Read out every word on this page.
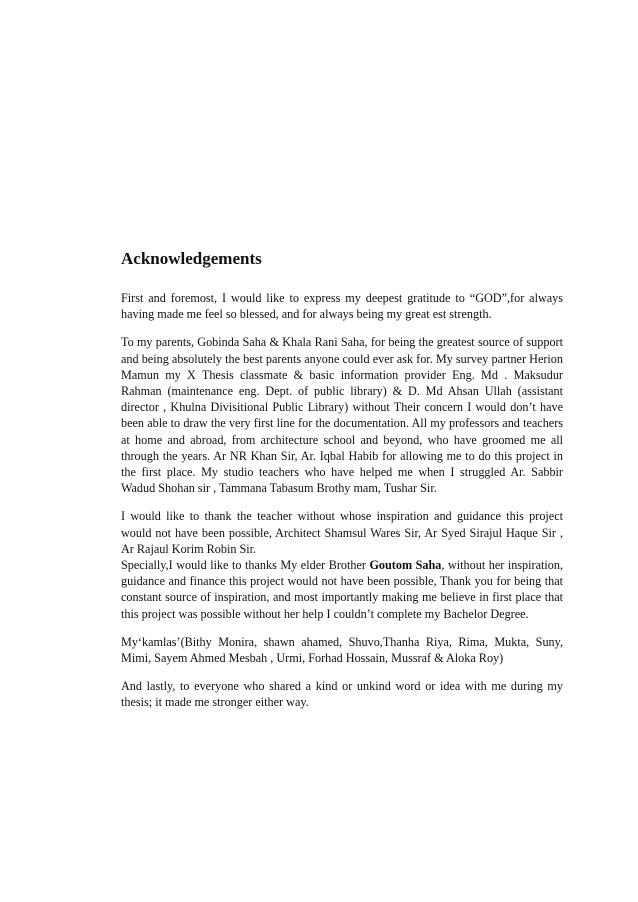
Acknowledgements

First and foremost, I would like to express my deepest gratitude to “GOD”,for always having made me feel so blessed, and for always being my great est strength.

To my parents, Gobinda Saha & Khala Rani Saha, for being the greatest source of support and being absolutely the best parents anyone could ever ask for. My survey partner Herion Mamun my X Thesis classmate & basic information provider Eng. Md . Maksudur Rahman (maintenance eng. Dept. of public library) & D. Md Ahsan Ullah (assistant director , Khulna Divisitional Public Library) without Their concern I would don’t have been able to draw the very first line for the documentation. All my professors and teachers at home and abroad, from architecture school and beyond, who have groomed me all through the years. Ar NR Khan Sir, Ar. Iqbal Habib for allowing me to do this project in the first place. My studio teachers who have helped me when I struggled Ar. Sabbir Wadud Shohan sir , Tammana Tabasum Brothy mam, Tushar Sir.

I would like to thank the teacher without whose inspiration and guidance this project would not have been possible, Architect Shamsul Wares Sir, Ar Syed Sirajul Haque Sir , Ar Rajaul Korim Robin Sir.

Specially,I would like to thanks My elder Brother Goutom Saha, without her inspiration, guidance and finance this project would not have been possible, Thank you for being that constant source of inspiration, and most importantly making me believe in first place that this project was possible without her help I couldn’t complete my Bachelor Degree.

My‘kamlas’(Bithy Monira, shawn ahamed, Shuvo,Thanha Riya, Rima, Mukta, Suny, Mimi, Sayem Ahmed Mesbah , Urmi, Forhad Hossain, Mussraf & Aloka Roy)

And lastly, to everyone who shared a kind or unkind word or idea with me during my thesis; it made me stronger either way.
